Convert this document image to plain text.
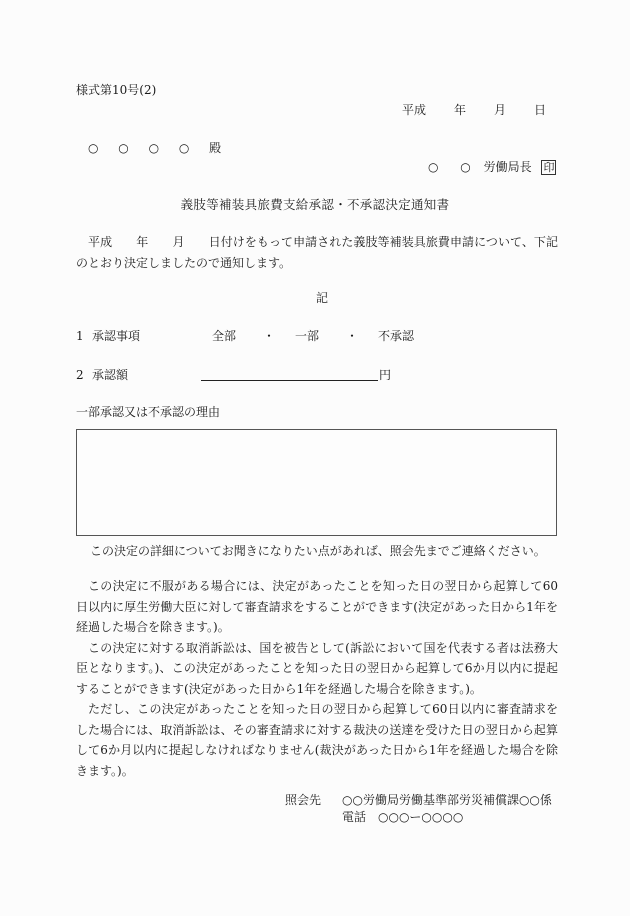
様式第10号(2)
平成 年 月 日
○ ○ ○ ○ 殿
○ ○ 労働局長 印
義肢等補装具旅費支給承認・不承認決定通知書
平成　　年　　月　　日付けをもって申請された義肢等補装具旅費申請について、下記のとおり決定しましたので通知します。
記
1 承認事項	全部 ・ 一部 ・ 不承認
2 承認額	円
一部承認又は不承認の理由
この決定の詳細についてお聞きになりたい点があれば、照会先までご連絡ください。
この決定に不服がある場合には、決定があったことを知った日の翌日から起算して60日以内に厚生労働大臣に対して審査請求をすることができます(決定があった日から1年を経過した場合を除きます。)。
この決定に対する取消訴訟は、国を被告として(訴訟において国を代表する者は法務大臣となります。)、この決定があったことを知った日の翌日から起算して6か月以内に提起することができます(決定があった日から1年を経過した場合を除きます。)。
ただし、この決定があったことを知った日の翌日から起算して60日以内に審査請求をした場合には、取消訴訟は、その審査請求に対する裁決の送達を受けた日の翌日から起算して6か月以内に提起しなければなりません(裁決があった日から1年を経過した場合を除きます。)。
照会先 ○○労働局労働基準部労災補償課○○係
電話 ○○○ー○○○○
